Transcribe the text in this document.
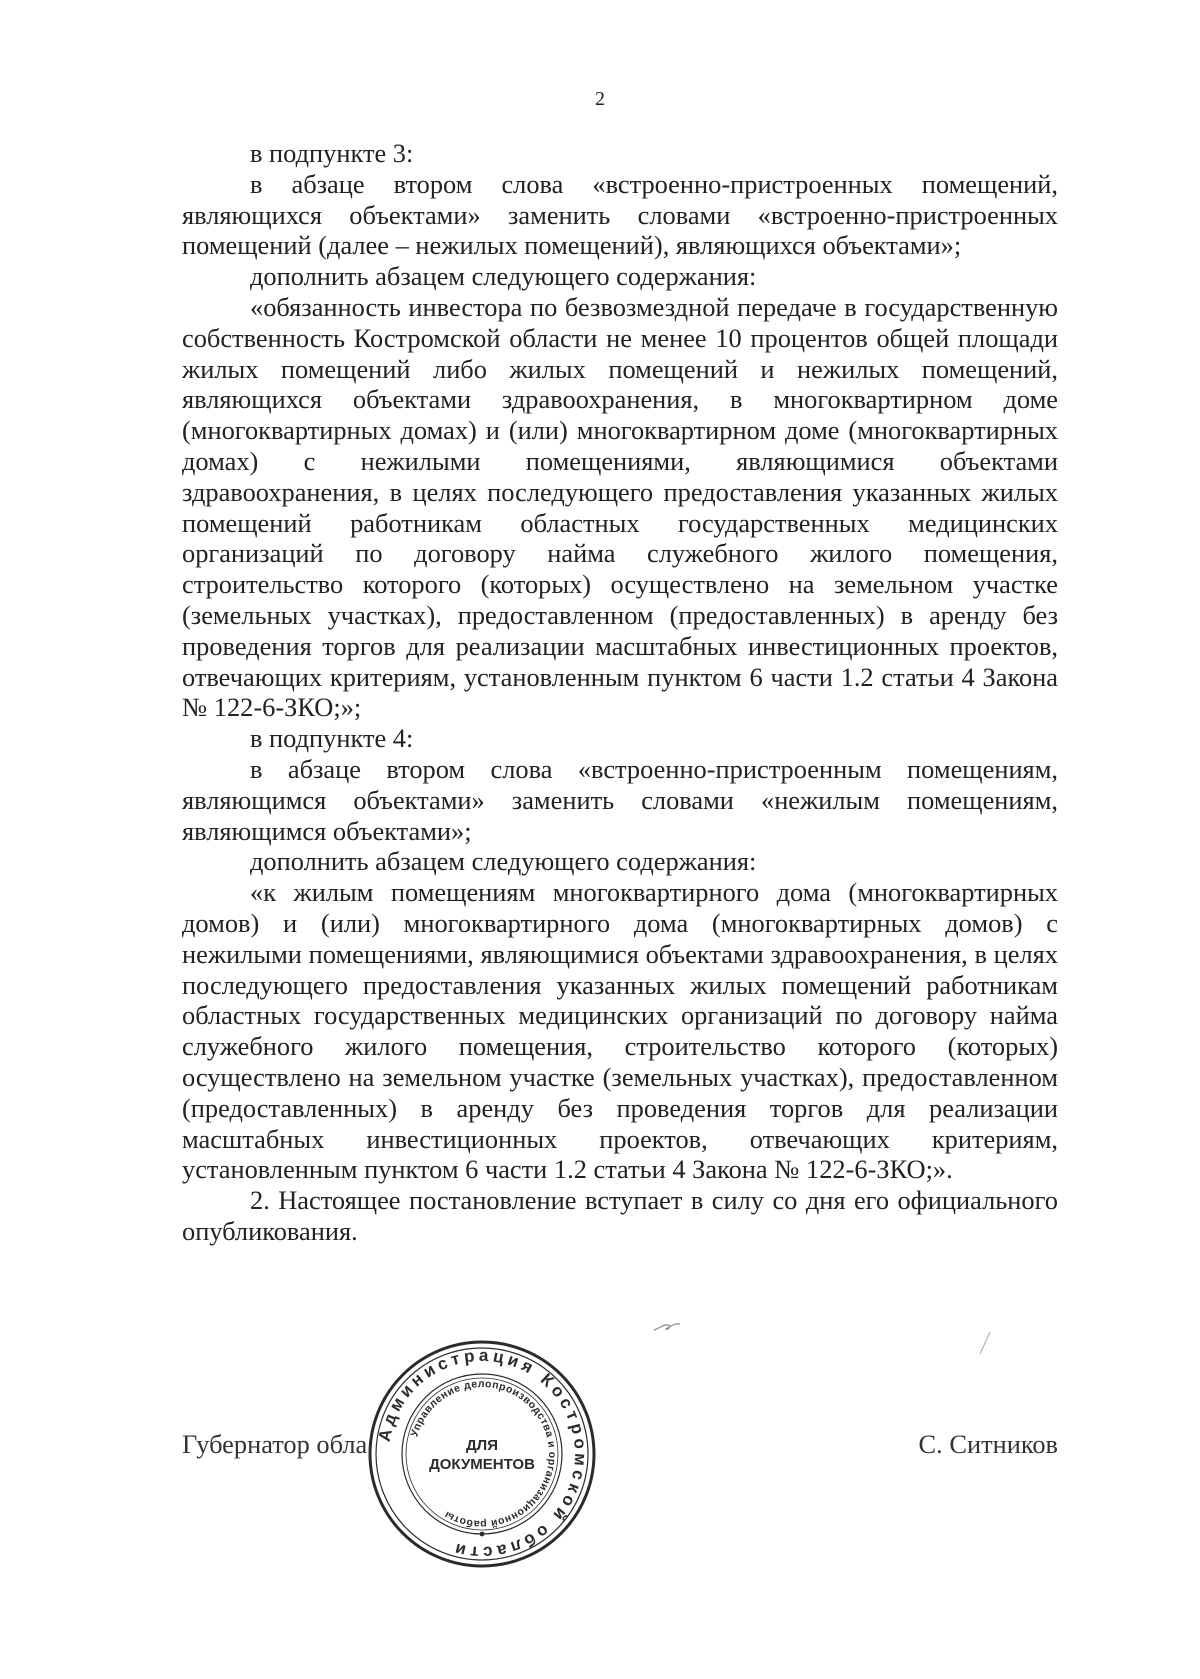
2

в подпункте 3:

в абзаце втором слова «встроенно-пристроенных помещений, являющихся объектами» заменить словами «встроенно-пристроенных помещений (далее – нежилых помещений), являющихся объектами»;

дополнить абзацем следующего содержания:

«обязанность инвестора по безвозмездной передаче в государственную собственность Костромской области не менее 10 процентов общей площади жилых помещений либо жилых помещений и нежилых помещений, являющихся объектами здравоохранения, в многоквартирном доме (многоквартирных домах) и (или) многоквартирном доме (многоквартирных домах) с нежилыми помещениями, являющимися объектами здравоохранения, в целях последующего предоставления указанных жилых помещений работникам областных государственных медицинских организаций по договору найма служебного жилого помещения, строительство которого (которых) осуществлено на земельном участке (земельных участках), предоставленном (предоставленных) в аренду без проведения торгов для реализации масштабных инвестиционных проектов, отвечающих критериям, установленным пунктом 6 части 1.2 статьи 4 Закона № 122-6-ЗКО;»;

в подпункте 4:

в абзаце втором слова «встроенно-пристроенным помещениям, являющимся объектами» заменить словами «нежилым помещениям, являющимся объектами»;

дополнить абзацем следующего содержания:

«к жилым помещениям многоквартирного дома (многоквартирных домов) и (или) многоквартирного дома (многоквартирных домов) с нежилыми помещениями, являющимися объектами здравоохранения, в целях последующего предоставления указанных жилых помещений работникам областных государственных медицинских организаций по договору найма служебного жилого помещения, строительство которого (которых) осуществлено на земельном участке (земельных участках), предоставленном (предоставленных) в аренду без проведения торгов для реализации масштабных инвестиционных проектов, отвечающих критериям, установленным пунктом 6 части 1.2 статьи 4 Закона № 122-6-ЗКО;».

2. Настоящее постановление вступает в силу со дня его официального опубликования.

Губернатор обла	С. Ситников
Администрация Костромской области
Управление делопроизводства и организационной работы
ДЛЯ
ДОКУМЕНТОВ
